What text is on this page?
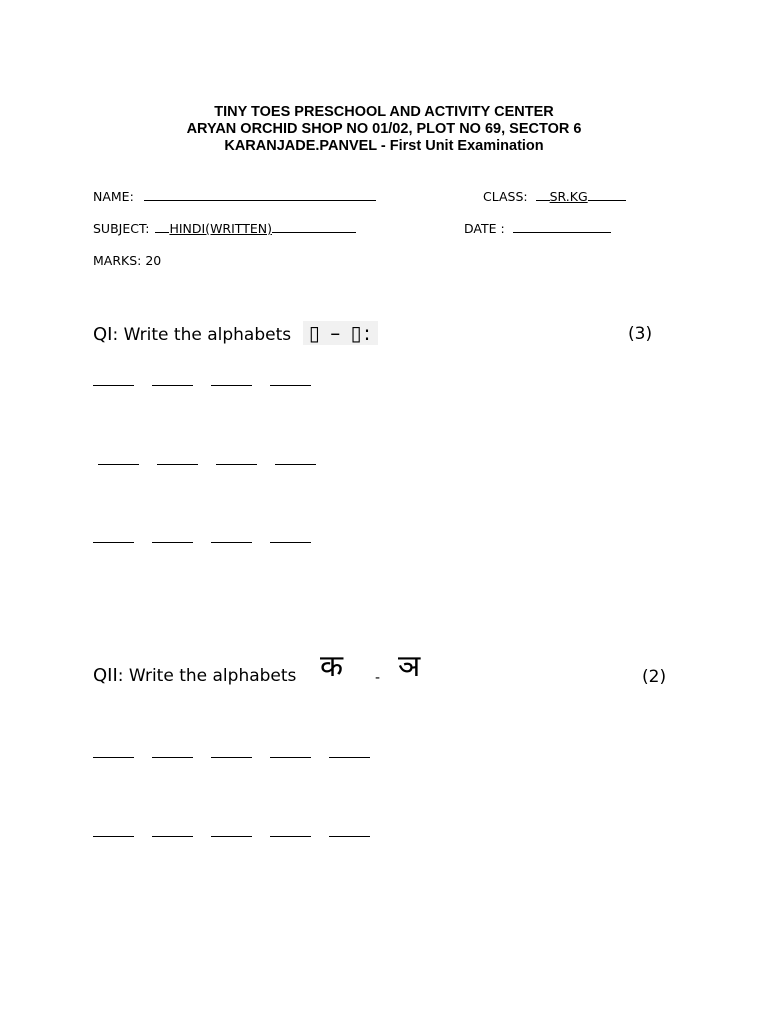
TINY TOES PRESCHOOL AND ACTIVITY CENTER
ARYAN ORCHID SHOP NO 01/02, PLOT NO 69, SECTOR 6
KARANJADE.PANVEL - First Unit Examination
NAME:	CLASS: SR.KG
SUBJECT: HINDI(WRITTEN)	DATE :
MARKS: 20
QI: Write the alphabets ▯ – ▯:	(3)
QII: Write the alphabets क - ञ	(2)
